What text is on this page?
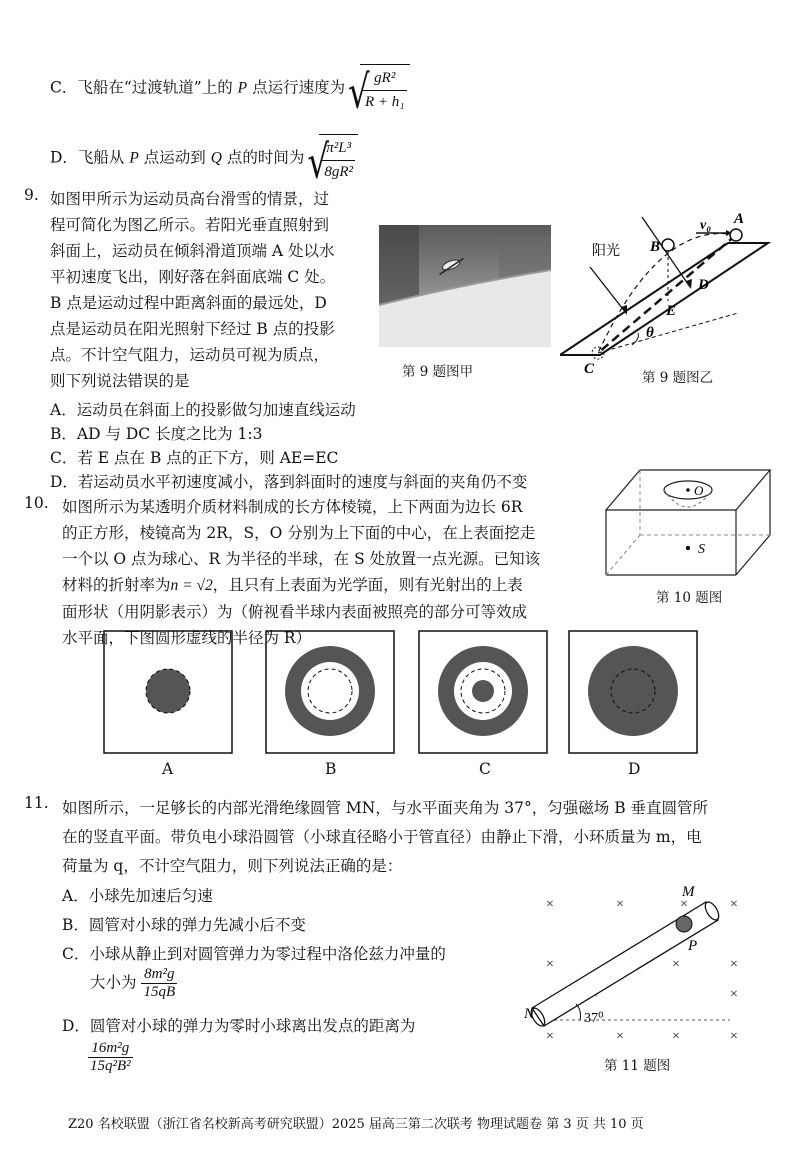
C．飞船在“过渡轨道”上的 P 点运行速度为 √ $\frac{\text{gR²}}{\text{R + h₁}}$
D．飞船从 P 点运动到 Q 点的时间为 √ $\frac{\text{π²L³}}{\text{8gR²}}$
9. 如图甲所示为运动员高台滑雪的情景，过
程可简化为图乙所示。若阳光垂直照射到
斜面上，运动员在倾斜滑道顶端 A 处以水
平初速度飞出，刚好落在斜面底端 C 处。
B 点是运动过程中距离斜面的最远处，D
点是运动员在阳光照射下经过 B 点的投影
点。不计空气阻力，运动员可视为质点，
则下列说法错误的是	第 9 题图甲
阳光
A
B
C
D
E
θ
v₀
第 9 题图乙
A．运动员在斜面上的投影做匀加速直线运动
B．AD 与 DC 长度之比为 1:3
C．若 E 点在 B 点的正下方，则 AE=EC
D．若运动员水平初速度减小，落到斜面时的速度与斜面的夹角仍不变
10. 如图所示为某透明介质材料制成的长方体棱镜，上下两面为边长 6R
的正方形，棱镜高为 2R，S，O 分别为上下面的中心，在上表面挖走
一个以 O 点为球心、R 为半径的半球，在 S 处放置一点光源。已知该
材料的折射率为n = √2，且只有上表面为光学面，则有光射出的上表
面形状（用阴影表示）为（俯视看半球内表面被照亮的部分可等效成
水平面，下图圆形虚线的半径为 R）
O
S
第 10 题图
A	B	C	D
11. 如图所示，一足够长的内部光滑绝缘圆管 MN，与水平面夹角为 37°，匀强磁场 B 垂直圆管所
在的竖直平面。带负电小球沿圆管（小球直径略小于管直径）由静止下滑，小环质量为 m，电
荷量为 q，不计空气阻力，则下列说法正确的是：
A．小球先加速后匀速
B．圆管对小球的弹力先减小后不变
C．小球从静止到对圆管弹力为零过程中洛伦兹力冲量的
大小为 $\frac{\text{8m²g}}{15qB}$
D．圆管对小球的弹力为零时小球离出发点的距离为
$\frac{\text{16m²g}}{\text{15q²B²}}$
×	×	×	×
×	×	×
×
×	×	×	×
M
N
P
37⁰
第 11 题图
Z20 名校联盟（浙江省名校新高考研究联盟）2025 届高三第二次联考 物理试题卷 第 3 页 共 10 页
